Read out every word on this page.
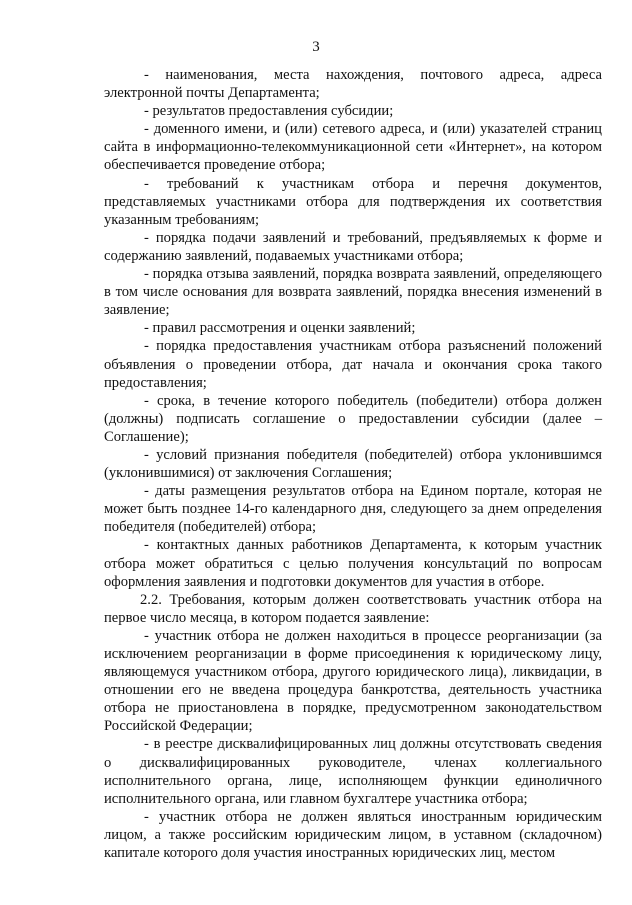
3

- наименования, места нахождения, почтового адреса, адреса электронной почты Департамента;

- результатов предоставления субсидии;

- доменного имени, и (или) сетевого адреса, и (или) указателей страниц сайта в информационно-телекоммуникационной сети «Интернет», на котором обеспечивается проведение отбора;

- требований к участникам отбора и перечня документов, представляемых участниками отбора для подтверждения их соответствия указанным требованиям;

- порядка подачи заявлений и требований, предъявляемых к форме и содержанию заявлений, подаваемых участниками отбора;

- порядка отзыва заявлений, порядка возврата заявлений, определяющего в том числе основания для возврата заявлений, порядка внесения изменений в заявление;

- правил рассмотрения и оценки заявлений;

- порядка предоставления участникам отбора разъяснений положений объявления о проведении отбора, дат начала и окончания срока такого предоставления;

- срока, в течение которого победитель (победители) отбора должен (должны) подписать соглашение о предоставлении субсидии (далее – Соглашение);

- условий признания победителя (победителей) отбора уклонившимся (уклонившимися) от заключения Соглашения;

- даты размещения результатов отбора на Едином портале, которая не может быть позднее 14-го календарного дня, следующего за днем определения победителя (победителей) отбора;

- контактных данных работников Департамента, к которым участник отбора может обратиться с целью получения консультаций по вопросам оформления заявления и подготовки документов для участия в отборе.

2.2. Требования, которым должен соответствовать участник отбора на первое число месяца, в котором подается заявление:

- участник отбора не должен находиться в процессе реорганизации (за исключением реорганизации в форме присоединения к юридическому лицу, являющемуся участником отбора, другого юридического лица), ликвидации, в отношении его не введена процедура банкротства, деятельность участника отбора не приостановлена в порядке, предусмотренном законодательством Российской Федерации;

- в реестре дисквалифицированных лиц должны отсутствовать сведения о дисквалифицированных руководителе, членах коллегиального исполнительного органа, лице, исполняющем функции единоличного исполнительного органа, или главном бухгалтере участника отбора;

- участник отбора не должен являться иностранным юридическим лицом, а также российским юридическим лицом, в уставном (складочном) капитале которого доля участия иностранных юридических лиц, местом
